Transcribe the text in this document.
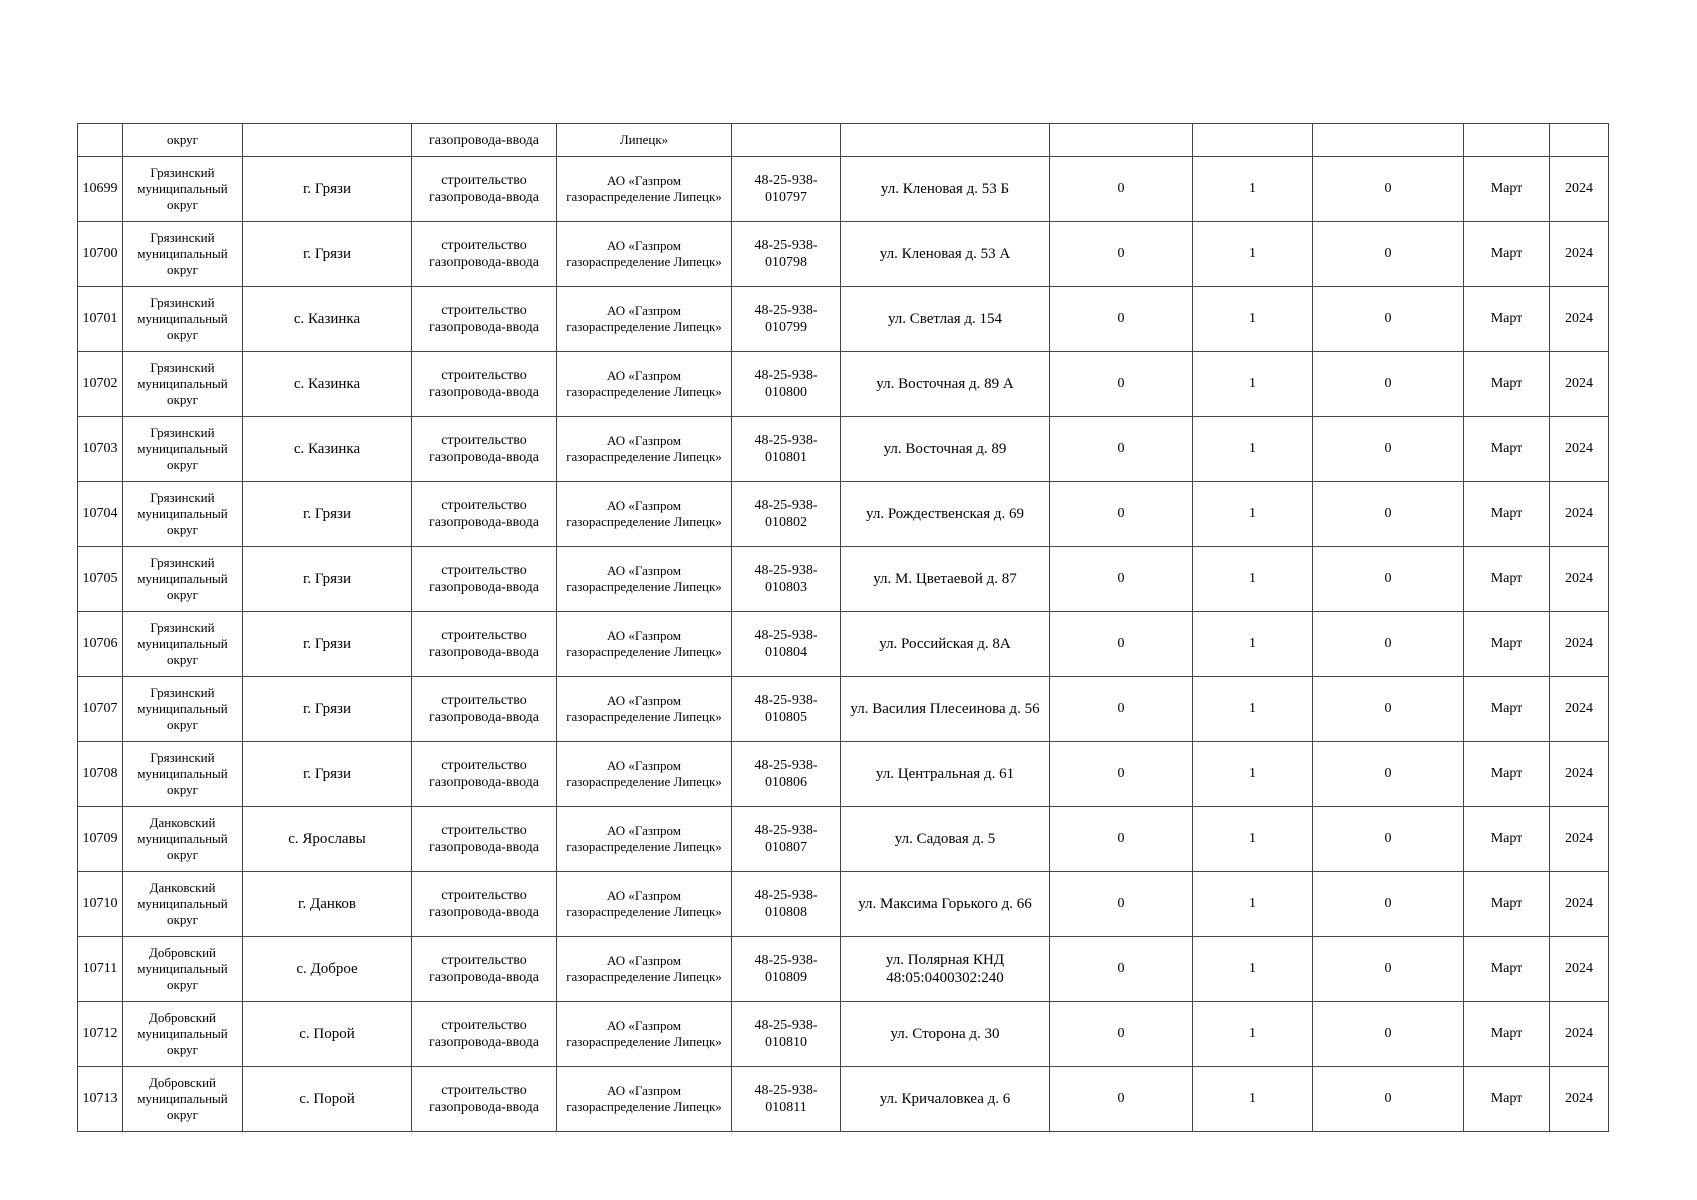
	округ		газопровода-ввода	Липецк»							
10699	Грязинский муниципальный округ	г. Грязи	строительство газопровода-ввода	АО «Газпром газораспределение Липецк»	48-25-938-010797	ул. Кленовая д. 53 Б	0	1	0	Март	2024
10700	Грязинский муниципальный округ	г. Грязи	строительство газопровода-ввода	АО «Газпром газораспределение Липецк»	48-25-938-010798	ул. Кленовая д. 53 А	0	1	0	Март	2024
10701	Грязинский муниципальный округ	с. Казинка	строительство газопровода-ввода	АО «Газпром газораспределение Липецк»	48-25-938-010799	ул. Светлая д. 154	0	1	0	Март	2024
10702	Грязинский муниципальный округ	с. Казинка	строительство газопровода-ввода	АО «Газпром газораспределение Липецк»	48-25-938-010800	ул. Восточная д. 89 А	0	1	0	Март	2024
10703	Грязинский муниципальный округ	с. Казинка	строительство газопровода-ввода	АО «Газпром газораспределение Липецк»	48-25-938-010801	ул. Восточная д. 89	0	1	0	Март	2024
10704	Грязинский муниципальный округ	г. Грязи	строительство газопровода-ввода	АО «Газпром газораспределение Липецк»	48-25-938-010802	ул. Рождественская д. 69	0	1	0	Март	2024
10705	Грязинский муниципальный округ	г. Грязи	строительство газопровода-ввода	АО «Газпром газораспределение Липецк»	48-25-938-010803	ул. М. Цветаевой д. 87	0	1	0	Март	2024
10706	Грязинский муниципальный округ	г. Грязи	строительство газопровода-ввода	АО «Газпром газораспределение Липецк»	48-25-938-010804	ул. Российская д. 8А	0	1	0	Март	2024
10707	Грязинский муниципальный округ	г. Грязи	строительство газопровода-ввода	АО «Газпром газораспределение Липецк»	48-25-938-010805	ул. Василия Плесеинова д. 56	0	1	0	Март	2024
10708	Грязинский муниципальный округ	г. Грязи	строительство газопровода-ввода	АО «Газпром газораспределение Липецк»	48-25-938-010806	ул. Центральная д. 61	0	1	0	Март	2024
10709	Данковский муниципальный округ	с. Ярославы	строительство газопровода-ввода	АО «Газпром газораспределение Липецк»	48-25-938-010807	ул. Садовая д. 5	0	1	0	Март	2024
10710	Данковский муниципальный округ	г. Данков	строительство газопровода-ввода	АО «Газпром газораспределение Липецк»	48-25-938-010808	ул. Максима Горького д. 66	0	1	0	Март	2024
10711	Добровский муниципальный округ	с. Доброе	строительство газопровода-ввода	АО «Газпром газораспределение Липецк»	48-25-938-010809	ул. Полярная КНД 48:05:0400302:240	0	1	0	Март	2024
10712	Добровский муниципальный округ	с. Порой	строительство газопровода-ввода	АО «Газпром газораспределение Липецк»	48-25-938-010810	ул. Сторона д. 30	0	1	0	Март	2024
10713	Добровский муниципальный округ	с. Порой	строительство газопровода-ввода	АО «Газпром газораспределение Липецк»	48-25-938-010811	ул. Кричаловкеа д. 6	0	1	0	Март	2024
